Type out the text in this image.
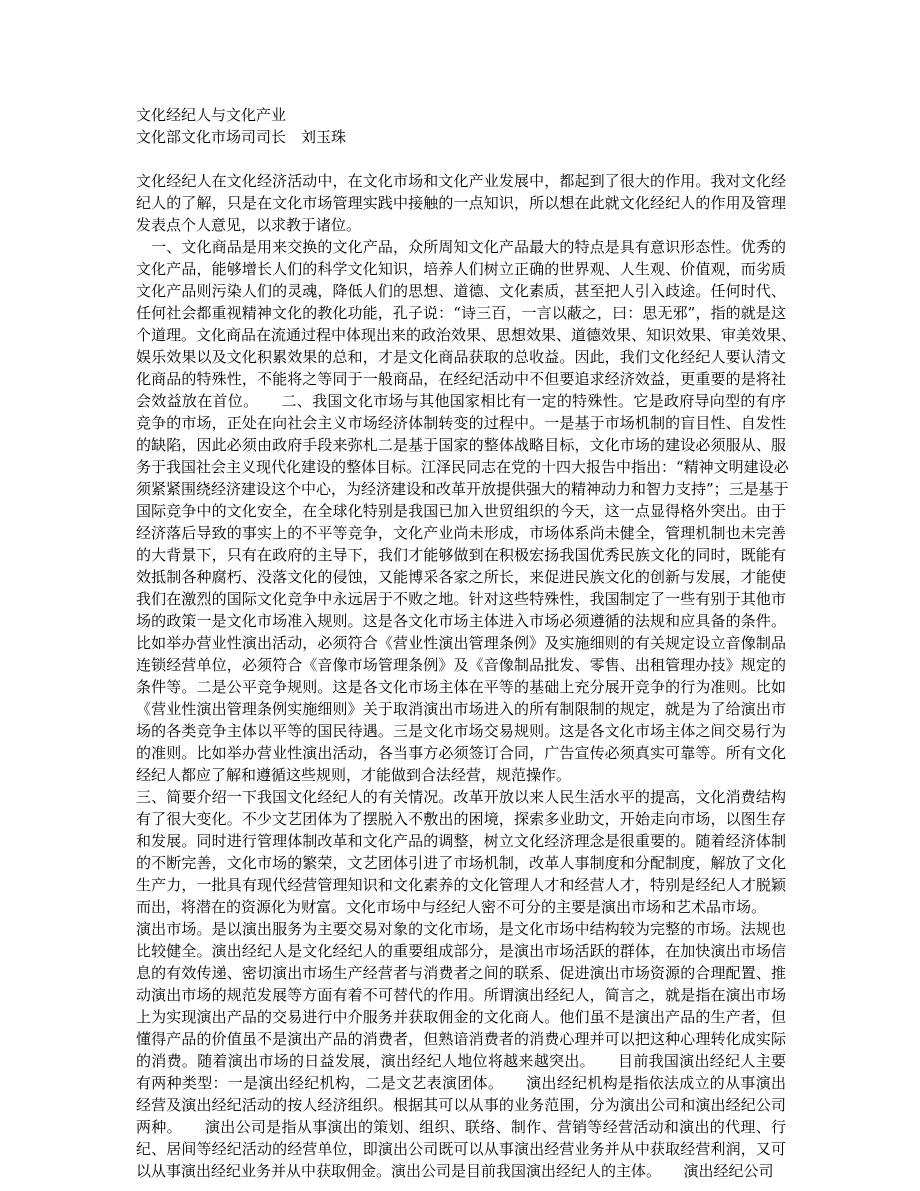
文化经纪人与文化产业
文化部文化市场司司长　刘玉珠
文化经纪人在文化经济活动中，在文化市场和文化产业发展中，都起到了很大的作用。我对文化经
纪人的了解，只是在文化市场管理实践中接触的一点知识，所以想在此就文化经纪人的作用及管理
发表点个人意见，以求教于诸位。
　一、文化商品是用来交换的文化产品，众所周知文化产品最大的特点是具有意识形态性。优秀的
文化产品，能够增长人们的科学文化知识，培养人们树立正确的世界观、人生观、价值观，而劣质
文化产品则污染人们的灵魂，降低人们的思想、道德、文化素质，甚至把人引入歧途。任何时代、
任何社会都重视精神文化的教化功能，孔子说：“诗三百，一言以蔽之，曰：思无邪”，指的就是这
个道理。文化商品在流通过程中体现出来的政治效果、思想效果、道德效果、知识效果、审美效果、
娱乐效果以及文化积累效果的总和，才是文化商品获取的总收益。因此，我们文化经纪人要认清文
化商品的特殊性，不能将之等同于一般商品，在经纪活动中不但要追求经济效益，更重要的是将社
会效益放在首位。　　二、我国文化市场与其他国家相比有一定的特殊性。它是政府导向型的有序
竞争的市场，正处在向社会主义市场经济体制转变的过程中。一是基于市场机制的盲目性、自发性
的缺陷，因此必须由政府手段来弥札二是基于国家的整体战略目标，文化市场的建设必须服从、服
务于我国社会主义现代化建设的整体目标。江泽民同志在党的十四大报告中指出：“精神文明建设必
须紧紧围绕经济建设这个中心，为经济建设和改革开放提供强大的精神动力和智力支持”；三是基于
国际竞争中的文化安全，在全球化特别是我国已加入世贸组织的今天，这一点显得格外突出。由于
经济落后导致的事实上的不平等竞争，文化产业尚未形成，市场体系尚未健全，管理机制也未完善
的大背景下，只有在政府的主导下，我们才能够做到在积极宏扬我国优秀民族文化的同时，既能有
效抵制各种腐朽、没落文化的侵蚀，又能博采各家之所长，来促进民族文化的创新与发展，才能使
我们在激烈的国际文化竞争中永远居于不败之地。针对这些特殊性，我国制定了一些有别于其他市
场的政策一是文化市场准入规则。这是各文化市场主体进入市场必须遵循的法规和应具备的条件。
比如举办营业性演出活动，必须符合《营业性演出管理条例》及实施细则的有关规定设立音像制品
连锁经营单位，必须符合《音像市场管理条例》及《音像制品批发、零售、出租管理办技》规定的
条件等。二是公平竞争规则。这是各文化市场主体在平等的基础上充分展开竞争的行为准则。比如
《营业性演出管理条例实施细则》关于取消演出市场进入的所有制限制的规定，就是为了给演出市
场的各类竞争主体以平等的国民待遇。三是文化市场交易规则。这是各文化市场主体之间交易行为
的准则。比如举办营业性演出活动，各当事方必须签订合同，广告宣传必须真实可靠等。所有文化
经纪人都应了解和遵循这些规则，才能做到合法经营，规范操作。
三、简要介绍一下我国文化经纪人的有关情况。改革开放以来人民生活水平的提高，文化消费结构
有了很大变化。不少文艺团体为了摆脱入不敷出的困境，探索多业助文，开始走向市场，以图生存
和发展。同时进行管理体制改革和文化产品的调整，树立文化经济理念是很重要的。随着经济体制
的不断完善，文化市场的繁荣，文艺团体引进了市场机制，改革人事制度和分配制度，解放了文化
生产力，一批具有现代经营管理知识和文化素养的文化管理人才和经营人才，特别是经纪人才脱颖
而出，将潜在的资源化为财富。文化市场中与经纪人密不可分的主要是演出市场和艺术品市场。
演出市场。是以演出服务为主要交易对象的文化市场，是文化市场中结构较为完整的市场。法规也
比较健全。演出经纪人是文化经纪人的重要组成部分，是演出市场活跃的群体，在加快演出市场信
息的有效传递、密切演出市场生产经营者与消费者之间的联系、促进演出市场资源的合理配置、推
动演出市场的规范发展等方面有着不可替代的作用。所谓演出经纪人，简言之，就是指在演出市场
上为实现演出产品的交易进行中介服务并获取佣金的文化商人。他们虽不是演出产品的生产者，但
懂得产品的价值虽不是演出产品的消费者，但熟谙消费者的消费心理并可以把这种心理转化成实际
的消费。随着演出市场的日益发展，演出经纪人地位将越来越突出。　　目前我国演出经纪人主要
有两种类型：一是演出经纪机构，二是文艺表演团体。　　演出经纪机构是指依法成立的从事演出
经营及演出经纪活动的按人经济组织。根据其可以从事的业务范围，分为演出公司和演出经纪公司
两种。　　演出公司是指从事演出的策划、组织、联络、制作、营销等经营活动和演出的代理、行
纪、居间等经纪活动的经营单位，即演出公司既可以从事演出经营业务并从中获取经营利润，又可
以从事演出经纪业务并从中获取佣金。演出公司是目前我国演出经纪人的主体。　　演出经纪公司
